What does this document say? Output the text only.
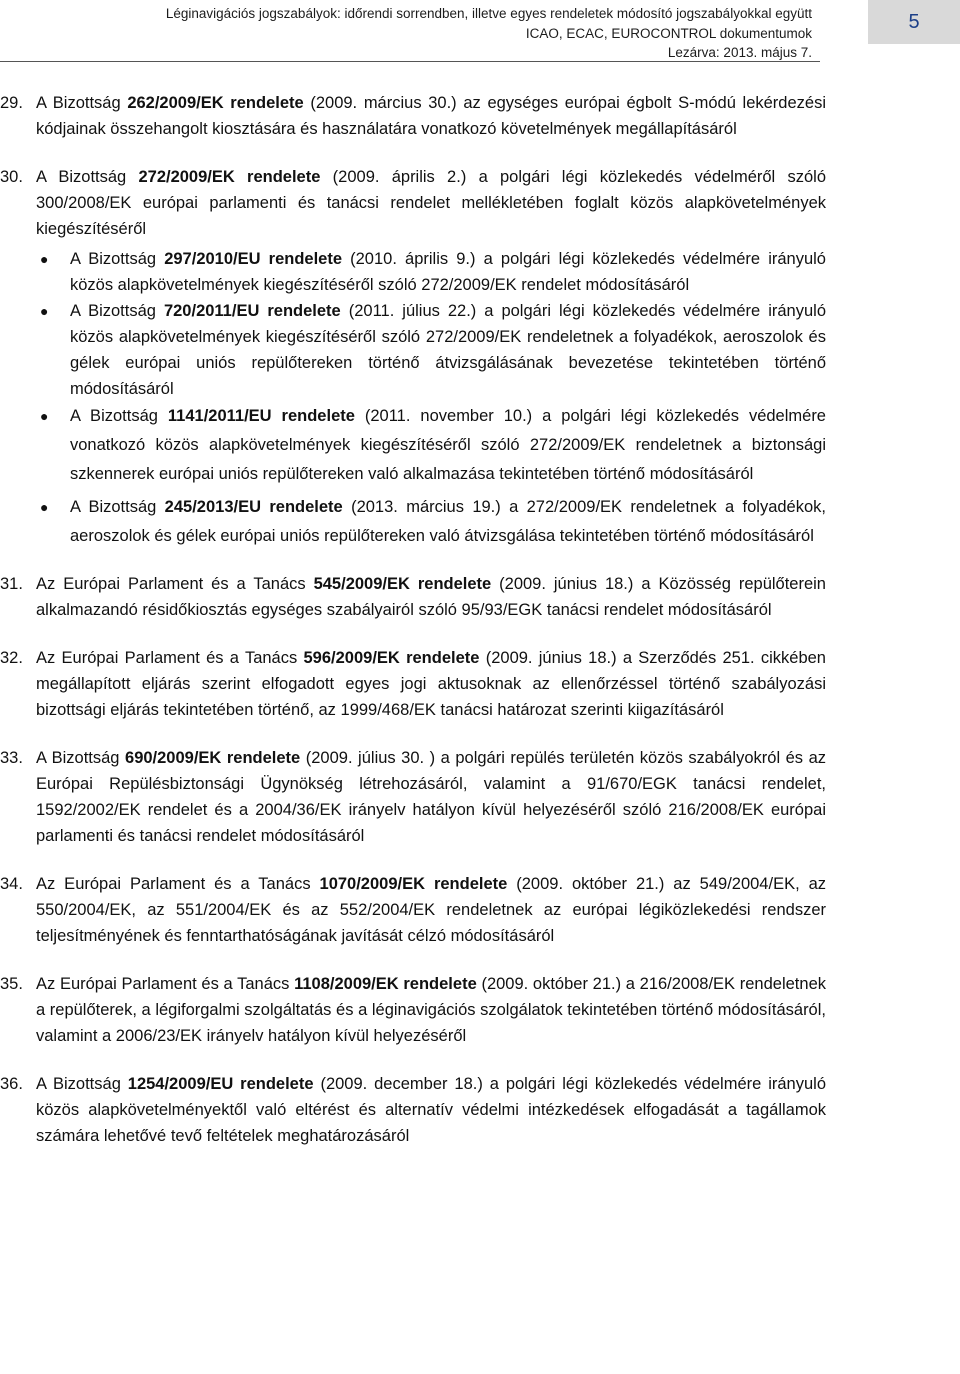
Léginavigációs jogszabályok: időrendi sorrendben, illetve egyes rendeletek módosító jogszabályokkal együtt
ICAO, ECAC, EUROCONTROL dokumentumok
Lezárva: 2013. május 7.
5
29. A Bizottság 262/2009/EK rendelete (2009. március 30.) az egységes európai égbolt S-módú lekérdezési kódjainak összehangolt kiosztására és használatára vonatkozó követelmények megállapításáról
30. A Bizottság 272/2009/EK rendelete (2009. április 2.) a polgári légi közlekedés védelméről szóló 300/2008/EK európai parlamenti és tanácsi rendelet mellékletében foglalt közös alapkövetelmények kiegészítéséről
● A Bizottság 297/2010/EU rendelete (2010. április 9.) a polgári légi közlekedés védelmére irányuló közös alapkövetelmények kiegészítéséről szóló 272/2009/EK rendelet módosításáról
● A Bizottság 720/2011/EU rendelete (2011. július 22.) a polgári légi közlekedés védelmére irányuló közös alapkövetelmények kiegészítéséről szóló 272/2009/EK rendeletnek a folyadékok, aeroszolok és gélek európai uniós repülőtereken történő átvizsgálásának bevezetése tekintetében történő módosításáról
● A Bizottság 1141/2011/EU rendelete (2011. november 10.) a polgári légi közlekedés védelmére vonatkozó közös alapkövetelmények kiegészítéséről szóló 272/2009/EK rendeletnek a biztonsági szkennerek európai uniós repülőtereken való alkalmazása tekintetében történő módosításáról
● A Bizottság 245/2013/EU rendelete (2013. március 19.) a 272/2009/EK rendeletnek a folyadékok, aeroszolok és gélek európai uniós repülőtereken való átvizsgálása tekintetében történő módosításáról
31. Az Európai Parlament és a Tanács 545/2009/EK rendelete (2009. június 18.) a Közösség repülőterein alkalmazandó résidőkiosztás egységes szabályairól szóló 95/93/EGK tanácsi rendelet módosításáról
32. Az Európai Parlament és a Tanács 596/2009/EK rendelete (2009. június 18.) a Szerződés 251. cikkében megállapított eljárás szerint elfogadott egyes jogi aktusoknak az ellenőrzéssel történő szabályozási bizottsági eljárás tekintetében történő, az 1999/468/EK tanácsi határozat szerinti kiigazításáról
33. A Bizottság 690/2009/EK rendelete (2009. július 30. ) a polgári repülés területén közös szabályokról és az Európai Repülésbiztonsági Ügynökség létrehozásáról, valamint a 91/670/EGK tanácsi rendelet, 1592/2002/EK rendelet és a 2004/36/EK irányelv hatályon kívül helyezéséről szóló 216/2008/EK európai parlamenti és tanácsi rendelet módosításáról
34. Az Európai Parlament és a Tanács 1070/2009/EK rendelete (2009. október 21.) az 549/2004/EK, az 550/2004/EK, az 551/2004/EK és az 552/2004/EK rendeletnek az európai légiközlekedési rendszer teljesítményének és fenntarthatóságának javítását célzó módosításáról
35. Az Európai Parlament és a Tanács 1108/2009/EK rendelete (2009. október 21.) a 216/2008/EK rendeletnek a repülőterek, a légiforgalmi szolgáltatás és a léginavigációs szolgálatok tekintetében történő módosításáról, valamint a 2006/23/EK irányelv hatályon kívül helyezéséről
36. A Bizottság 1254/2009/EU rendelete (2009. december 18.) a polgári légi közlekedés védelmére irányuló közös alapkövetelményektől való eltérést és alternatív védelmi intézkedések elfogadását a tagállamok számára lehetővé tevő feltételek meghatározásáról
